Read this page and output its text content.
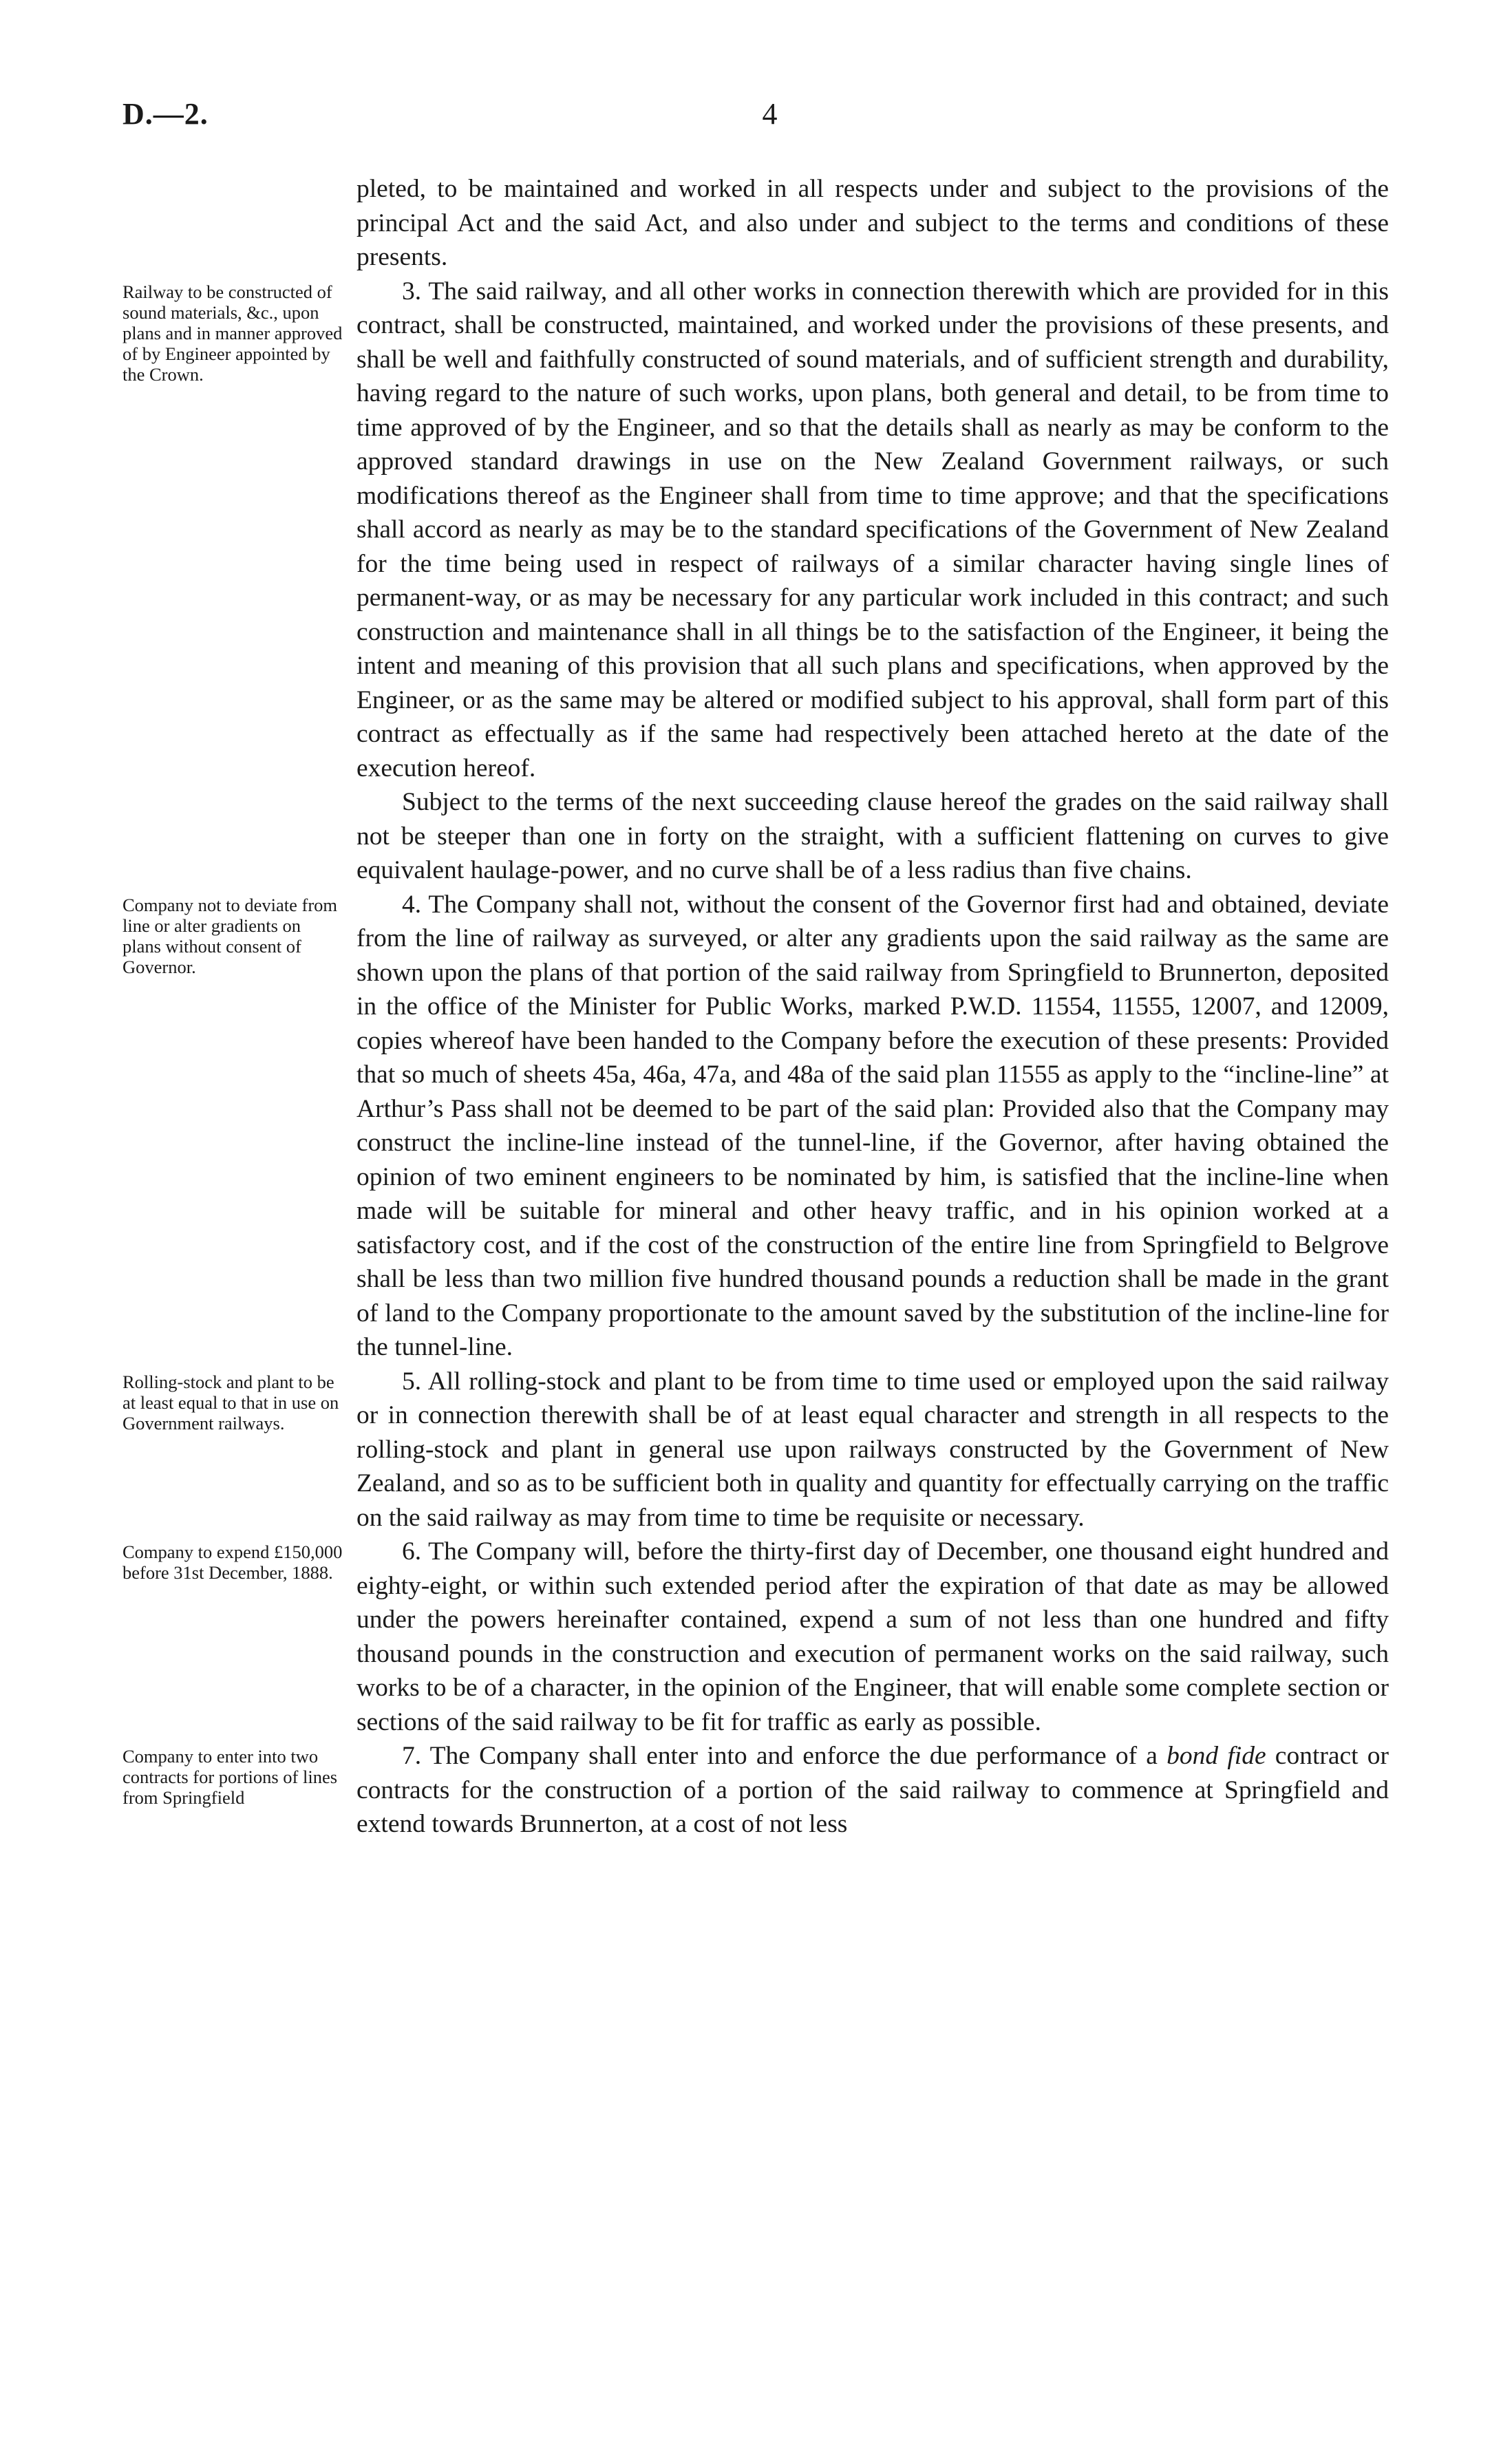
D.—2.	4

pleted, to be maintained and worked in all respects under and subject to the provisions of the principal Act and the said Act, and also under and subject to the terms and conditions of these presents.

Railway to be constructed of sound materials, &c., upon plans and in manner approved of by Engineer appointed by the Crown.

3. The said railway, and all other works in connection therewith which are provided for in this contract, shall be constructed, maintained, and worked under the provisions of these presents, and shall be well and faithfully constructed of sound materials, and of sufficient strength and durability, having regard to the nature of such works, upon plans, both general and detail, to be from time to time approved of by the Engineer, and so that the details shall as nearly as may be conform to the approved standard drawings in use on the New Zealand Government railways, or such modifications thereof as the Engineer shall from time to time approve; and that the specifications shall accord as nearly as may be to the standard specifications of the Government of New Zealand for the time being used in respect of railways of a similar character having single lines of permanent-way, or as may be necessary for any particular work included in this contract; and such construction and maintenance shall in all things be to the satisfaction of the Engineer, it being the intent and meaning of this provision that all such plans and specifications, when approved by the Engineer, or as the same may be altered or modified subject to his approval, shall form part of this contract as effectually as if the same had respectively been attached hereto at the date of the execution hereof.

Subject to the terms of the next succeeding clause hereof the grades on the said railway shall not be steeper than one in forty on the straight, with a sufficient flattening on curves to give equivalent haulage-power, and no curve shall be of a less radius than five chains.

Company not to deviate from line or alter gradients on plans without consent of Governor.

4. The Company shall not, without the consent of the Governor first had and obtained, deviate from the line of railway as surveyed, or alter any gradients upon the said railway as the same are shown upon the plans of that portion of the said railway from Springfield to Brunnerton, deposited in the office of the Minister for Public Works, marked P.W.D. 11554, 11555, 12007, and 12009, copies whereof have been handed to the Company before the execution of these presents: Provided that so much of sheets 45a, 46a, 47a, and 48a of the said plan 11555 as apply to the “incline-line” at Arthur’s Pass shall not be deemed to be part of the said plan: Provided also that the Company may construct the incline-line instead of the tunnel-line, if the Governor, after having obtained the opinion of two eminent engineers to be nominated by him, is satisfied that the incline-line when made will be suitable for mineral and other heavy traffic, and in his opinion worked at a satisfactory cost, and if the cost of the construction of the entire line from Springfield to Belgrove shall be less than two million five hundred thousand pounds a reduction shall be made in the grant of land to the Company proportionate to the amount saved by the substitution of the incline-line for the tunnel-line.

Rolling-stock and plant to be at least equal to that in use on Government railways.

5. All rolling-stock and plant to be from time to time used or employed upon the said railway or in connection therewith shall be of at least equal character and strength in all respects to the rolling-stock and plant in general use upon railways constructed by the Government of New Zealand, and so as to be sufficient both in quality and quantity for effectually carrying on the traffic on the said railway as may from time to time be requisite or necessary.

Company to expend £150,000 before 31st December, 1888.

6. The Company will, before the thirty-first day of December, one thousand eight hundred and eighty-eight, or within such extended period after the expiration of that date as may be allowed under the powers hereinafter contained, expend a sum of not less than one hundred and fifty thousand pounds in the construction and execution of permanent works on the said railway, such works to be of a character, in the opinion of the Engineer, that will enable some complete section or sections of the said railway to be fit for traffic as early as possible.

Company to enter into two contracts for portions of lines from Springfield

7. The Company shall enter into and enforce the due performance of a bond fide contract or contracts for the construction of a portion of the said railway to commence at Springfield and extend towards Brunnerton, at a cost of not less
